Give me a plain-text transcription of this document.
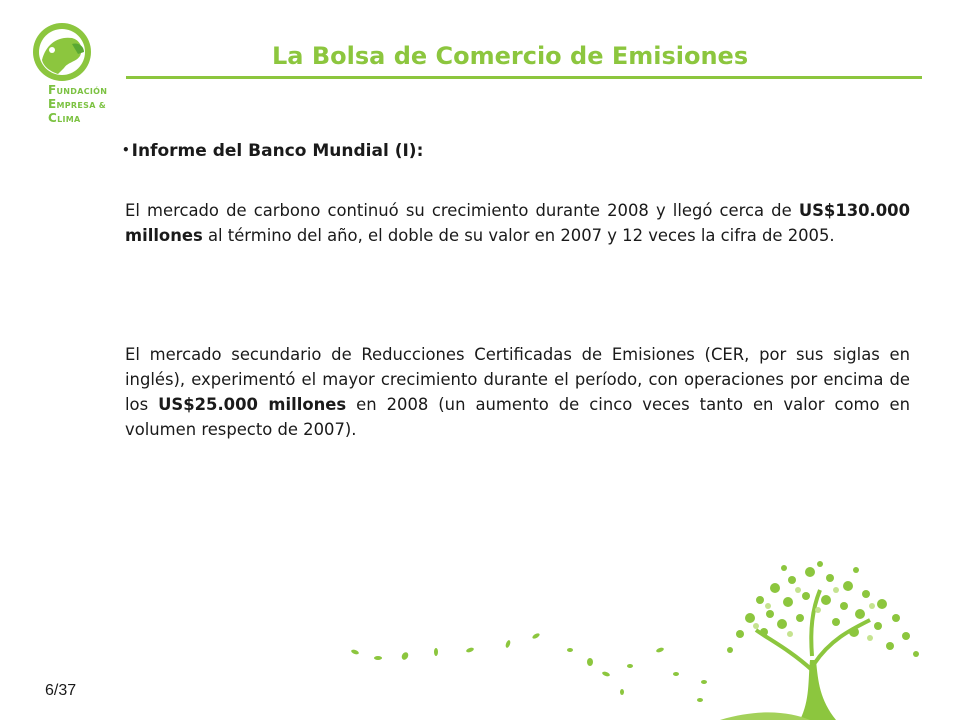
FUNDACIÓN
EMPRESA &
CLIMA
La Bolsa de Comercio de Emisiones
• Informe del Banco Mundial (I):
El mercado de carbono continuó su crecimiento durante 2008 y llegó cerca de US$130.000 millones al término del año, el doble de su valor en 2007 y 12 veces la cifra de 2005.
El mercado secundario de Reducciones Certificadas de Emisiones (CER, por sus siglas en inglés), experimentó el mayor crecimiento durante el período, con operaciones por encima de los US$25.000 millones en 2008 (un aumento de cinco veces tanto en valor como en volumen respecto de 2007).
6/37
